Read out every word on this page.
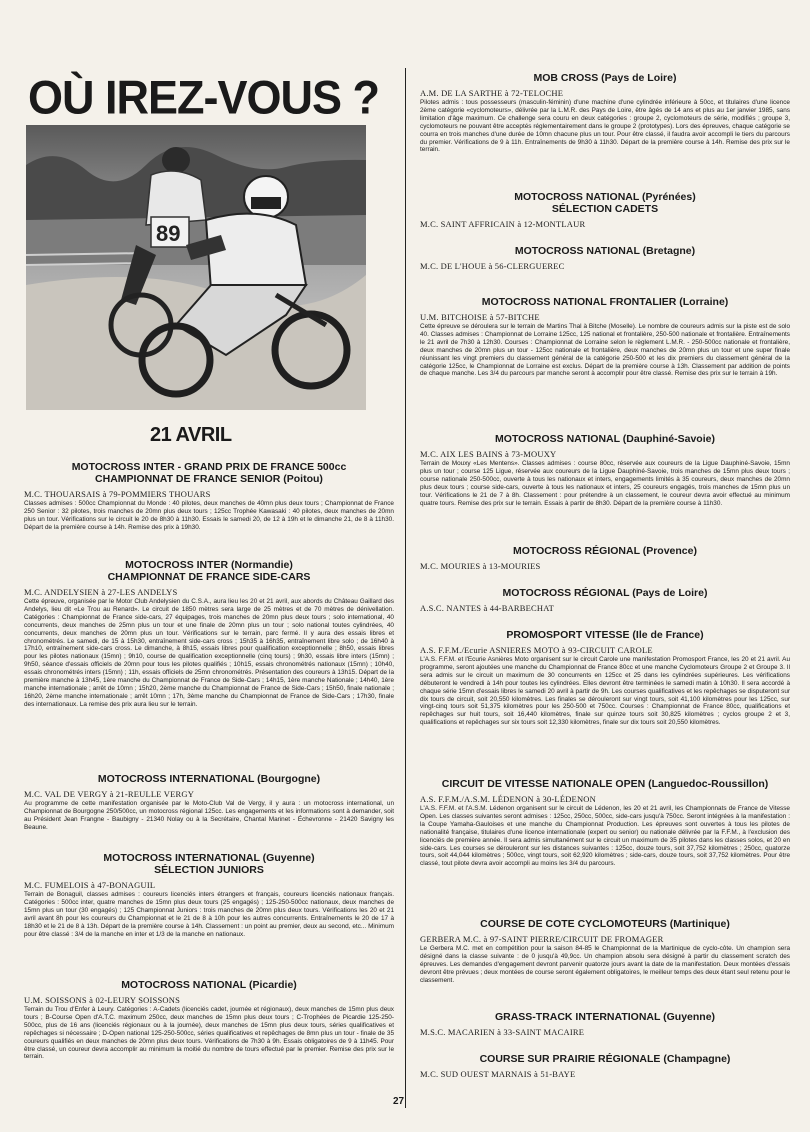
OÙ IREZ-VOUS ?
89
21 AVRIL
MOTOCROSS INTER - GRAND PRIX DE FRANCE 500cc
CHAMPIONNAT DE FRANCE SENIOR (Poitou)
M.C. THOUARSAIS à 79-POMMIERS THOUARS

Classes admises : 500cc Championnat du Monde : 40 pilotes, deux manches de 40mn plus deux tours ; Championnat de France 250 Senior : 32 pilotes, trois manches de 20mn plus deux tours ; 125cc Trophée Kawasaki : 40 pilotes, deux manches de 20mn plus un tour. Vérifications sur le circuit le 20 de 8h30 à 11h30. Essais le samedi 20, de 12 à 19h et le dimanche 21, de 8 à 11h30. Départ de la première course à 14h. Remise des prix à 19h30.

MOTOCROSS INTER (Normandie)
CHAMPIONNAT DE FRANCE SIDE-CARS
M.C. ANDELYSIEN à 27-LES ANDELYS

Cette épreuve, organisée par le Motor Club Andelysien du C.S.A., aura lieu les 20 et 21 avril, aux abords du Château Gaillard des Andelys, lieu dit «Le Trou au Renard». Le circuit de 1850 mètres sera large de 25 mètres et de 70 mètres de dénivellation. Catégories : Championnat de France side-cars, 27 équipages, trois manches de 20mn plus deux tours ; solo international, 40 concurrents, deux manches de 25mn plus un tour et une finale de 20mn plus un tour ; solo national toutes cylindrées, 40 concurrents, deux manches de 20mn plus un tour. Vérifications sur le terrain, parc fermé. Il y aura des essais libres et chronométrés. Le samedi, de 15 à 15h30, entraînement side-cars cross ; 15h35 à 16h35, entraînement libre solo ; de 16h40 à 17h10, entraînement side-cars cross. Le dimanche, à 8h15, essais libres pour qualification exceptionnelle ; 8h50, essais libres pour les pilotes nationaux (15mn) ; 9h10, course de qualification exceptionnelle (cinq tours) ; 9h30, essais libre inters (15mn) ; 9h50, séance d'essais officiels de 20mn pour tous les pilotes qualifiés ; 10h15, essais chronométrés nationaux (15mn) ; 10h40, essais chronométrés inters (15mn) ; 11h, essais officiels de 25mn chronométrés. Présentation des coureurs à 13h15. Départ de la première manche à 13h45, 1ère manche du Championnat de France de Side-Cars ; 14h15, 1ère manche Nationale ; 14h40, 1ère manche internationale ; arrêt de 10mn ; 15h20, 2ème manche du Championnat de France de Side-Cars ; 15h50, finale nationale ; 16h20, 2ème manche internationale ; arrêt 10mn ; 17h, 3ème manche du Championnat de France de Side-Cars ; 17h30, finale des internationaux. La remise des prix aura lieu sur le terrain.

MOTOCROSS INTERNATIONAL (Bourgogne)
M.C. VAL DE VERGY à 21-REULLE VERGY

Au programme de cette manifestation organisée par le Moto-Club Val de Vergy, il y aura : un motocross international, un Championnat de Bourgogne 250/500cc, un motocross régional 125cc. Les engagements et les informations sont à demander, soit au Président Jean Frangne - Baubigny - 21340 Nolay ou à la Secrétaire, Chantal Marinet - Échevronne - 21420 Savigny les Beaune.

MOTOCROSS INTERNATIONAL (Guyenne)
SÉLECTION JUNIORS
M.C. FUMELOIS à 47-BONAGUIL

Terrain de Bonaguil, classes admises : coureurs licenciés inters étrangers et français, coureurs licenciés nationaux français. Catégories : 500cc inter, quatre manches de 15mn plus deux tours (25 engagés) ; 125-250-500cc nationaux, deux manches de 15mn plus un tour (30 engagés) ; 125 Championnat Juniors : trois manches de 20mn plus deux tours. Vérifications les 20 et 21 avril avant 8h pour les coureurs du Championnat et le 21 de 8 à 10h pour les autres concurrents. Entraînements le 20 de 17 à 18h30 et le 21 de 8 à 13h. Départ de la première course à 14h. Classement : un point au premier, deux au second, etc... Minimum pour être classé : 3/4 de la manche en inter et 1/3 de la manche en nationaux.

MOTOCROSS NATIONAL (Picardie)
U.M. SOISSONS à 02-LEURY SOISSONS

Terrain du Trou d'Enfer à Leury. Catégories : A-Cadets (licenciés cadet, journée et régionaux), deux manches de 15mn plus deux tours ; B-Course Open d'A.T.C. maximum 250cc, deux manches de 15mn plus deux tours ; C-Trophées de Picardie 125-250-500cc, plus de 16 ans (licenciés régionaux ou à la journée), deux manches de 15mn plus deux tours, séries qualificatives et repêchages si nécessaire ; D-Open national 125-250-500cc, séries qualificatives et repêchages de 8mn plus un tour - finale de 35 coureurs qualifiés en deux manches de 20mn plus deux tours. Vérifications de 7h30 à 9h. Essais obligatoires de 9 à 11h45. Pour être classé, un coureur devra accomplir au minimum la moitié du nombre de tours effectué par le premier. Remise des prix sur le terrain.

MOB CROSS (Pays de Loire)
A.M. DE LA SARTHE à 72-TELOCHE

Pilotes admis : tous possesseurs (masculin-féminin) d'une machine d'une cylindrée inférieure à 50cc, et titulaires d'une licence 2ème catégorie «cyclomoteurs», délivrée par la L.M.R. des Pays de Loire, être âgés de 14 ans et plus au 1er janvier 1985, sans limitation d'âge maximum. Ce challenge sera couru en deux catégories : groupe 2, cyclomoteurs de série, modifiés ; groupe 3, cyclomoteurs ne pouvant être acceptés réglementairement dans le groupe 2 (prototypes). Lors des épreuves, chaque catégorie se courra en trois manches d'une durée de 10mn chacune plus un tour. Pour être classé, il faudra avoir accompli le tiers du parcours du premier. Vérifications de 9 à 11h. Entraînements de 9h30 à 11h30. Départ de la première course à 14h. Remise des prix sur le terrain.

MOTOCROSS NATIONAL (Pyrénées)
SÉLECTION CADETS
M.C. SAINT AFFRICAIN à 12-MONTLAUR
MOTOCROSS NATIONAL (Bretagne)
M.C. DE L'HOUE à 56-CLERGUEREC
MOTOCROSS NATIONAL FRONTALIER (Lorraine)
U.M. BITCHOISE à 57-BITCHE

Cette épreuve se déroulera sur le terrain de Martins Thal à Bitche (Moselle). Le nombre de coureurs admis sur la piste est de solo 40. Classes admises : Championnat de Lorraine 125cc, 125 national et frontalière, 250-500 nationale et frontalière. Entraînements le 21 avril de 7h30 à 12h30. Courses : Championnat de Lorraine selon le règlement L.M.R. - 250-500cc nationale et frontalière, deux manches de 20mn plus un tour - 125cc nationale et frontalière, deux manches de 20mn plus un tour et une super finale réunissant les vingt premiers du classement général de la catégorie 250-500 et les dix premiers du classement général de la catégorie 125cc, le Championnat de Lorraine est exclus. Départ de la première course à 13h. Classement par addition de points de chaque manche. Les 3/4 du parcours par manche seront à accomplir pour être classé. Remise des prix sur le terrain à 19h.

MOTOCROSS NATIONAL (Dauphiné-Savoie)
M.C. AIX LES BAINS à 73-MOUXY

Terrain de Mouxy «Les Mentens». Classes admises : course 80cc, réservée aux coureurs de la Ligue Dauphiné-Savoie, 15mn plus un tour ; course 125 Ligue, réservée aux coureurs de la Ligue Dauphiné-Savoie, trois manches de 15mn plus deux tours ; course nationale 250-500cc, ouverte à tous les nationaux et inters, engagements limités à 35 coureurs, deux manches de 20mn plus deux tours ; course side-cars, ouverte à tous les nationaux et inters, 25 coureurs engagés, trois manches de 15mn plus un tour. Vérifications le 21 de 7 à 8h. Classement : pour prétendre à un classement, le coureur devra avoir effectué au minimum quatre tours. Remise des prix sur le terrain. Essais à partir de 8h30. Départ de la première course à 11h30.

MOTOCROSS RÉGIONAL (Provence)
M.C. MOURIES à 13-MOURIES
MOTOCROSS RÉGIONAL (Pays de Loire)
A.S.C. NANTES à 44-BARBECHAT
PROMOSPORT VITESSE (Ile de France)
A.S. F.F.M./Ecurie ASNIERES MOTO à 93-CIRCUIT CAROLE

L'A.S. F.F.M. et l'Ecurie Asnières Moto organisent sur le circuit Carole une manifestation Promosport France, les 20 et 21 avril. Au programme, seront ajoutées une manche du Championnat de France 80cc et une manche Cyclomoteurs Groupe 2 et Groupe 3. Il sera admis sur le circuit un maximum de 30 concurrents en 125cc et 25 dans les cylindrées supérieures. Les vérifications débuteront le vendredi à 14h pour toutes les cylindrées. Elles devront être terminées le samedi matin à 10h30. Il sera accordé à chaque série 15mn d'essais libres le samedi 20 avril à partir de 9h. Les courses qualificatives et les repêchages se disputeront sur dix tours de circuit, soit 20,550 kilomètres. Les finales se dérouleront sur vingt tours, soit 41,100 kilomètres pour les 125cc, sur vingt-cinq tours soit 51,375 kilomètres pour les 250-500 et 750cc. Courses : Championnat de France 80cc, qualifications et repêchages sur huit tours, soit 16,440 kilomètres, finale sur quinze tours soit 30,825 kilomètres ; cyclos groupe 2 et 3, qualifications et repêchages sur six tours soit 12,330 kilomètres, finale sur dix tours soit 20,550 kilomètres.

CIRCUIT DE VITESSE NATIONALE OPEN (Languedoc-Roussillon)
A.S. F.F.M./A.S.M. LÉDENON à 30-LÉDENON

L'A.S. F.F.M. et l'A.S.M. Lédenon organisent sur le circuit de Lédenon, les 20 et 21 avril, les Championnats de France de Vitesse Open. Les classes suivantes seront admises : 125cc, 250cc, 500cc, side-cars jusqu'à 750cc. Seront intégrées à la manifestation : la Coupe Yamaha-Gauloises et une manche du Championnat Production. Les épreuves sont ouvertes à tous les pilotes de nationalité française, titulaires d'une licence internationale (expert ou senior) ou nationale délivrée par la F.F.M., à l'exclusion des licenciés de première année. Il sera admis simultanément sur le circuit un maximum de 35 pilotes dans les classes solos, et 20 en side-cars. Les courses se dérouleront sur les distances suivantes : 125cc, douze tours, soit 37,752 kilomètres ; 250cc, quatorze tours, soit 44,044 kilomètres ; 500cc, vingt tours, soit 62,920 kilomètres ; side-cars, douze tours, soit 37,752 kilomètres. Pour être classé, tout pilote devra avoir accompli au moins les 3/4 du parcours.

COURSE DE COTE CYCLOMOTEURS (Martinique)
GERBERA M.C. à 97-SAINT PIERRE/CIRCUIT DE FROMAGER

Le Gerbera M.C. met en compétition pour la saison 84-85 le Championnat de la Martinique de cyclo-côte. Un champion sera désigné dans la classe suivante : de 0 jusqu'à 49,9cc. Un champion absolu sera désigné à partir du classement scratch des épreuves. Les demandes d'engagement devront parvenir quatorze jours avant la date de la manifestation. Deux montées d'essais devront être prévues ; deux montées de course seront également obligatoires, le meilleur temps des deux étant seul retenu pour le classement.

GRASS-TRACK INTERNATIONAL (Guyenne)
M.S.C. MACARIEN à 33-SAINT MACAIRE
COURSE SUR PRAIRIE RÉGIONALE (Champagne)
M.C. SUD OUEST MARNAIS à 51-BAYE
27
